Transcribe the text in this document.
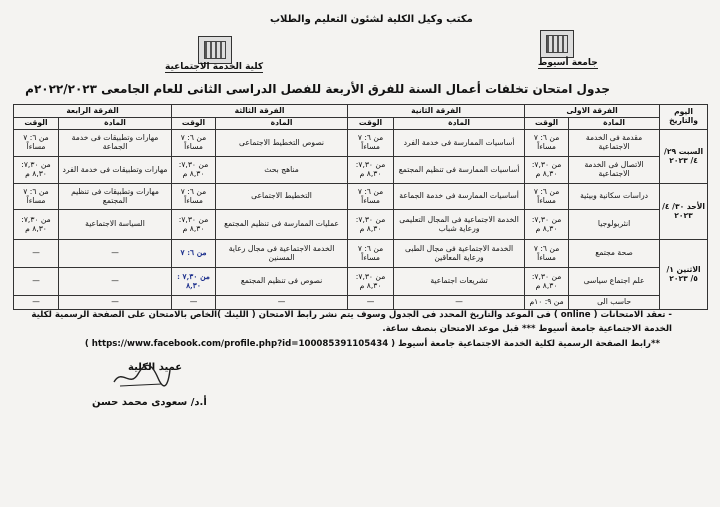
مكتب وكيل الكلية لشئون التعليم والطلاب
كلية الخدمة الاجتماعية	جامعة أسيوط
جدول امتحان تخلفات أعمال السنة للفرق الأربعة للفصل الدراسى الثانى للعام الجامعى ٢٠٢٢/٢٠٢٣م
اليوم والتاريخ	الفرقة الاولى		الفرقة الثانية		الفرقة الثالثة		الفرقة الرابعة	
	المادة	الوقت	المادة	الوقت	المادة	الوقت	المادة	الوقت
السبت ٢٩/ ٤/ ٢٠٢٣	مقدمة فى الخدمة الاجتماعية	من ٦: ٧ مساءاً	أساسيات الممارسة فى خدمة الفرد	من ٦: ٧ مساءاً	نصوص التخطيط الاجتماعى	من ٦: ٧ مساءاً	مهارات وتطبيقات فى خدمة الجماعة	من ٦: ٧ مساءاً
	الاتصال فى الخدمة الاجتماعية	من ٧,٣٠: ٨,٣٠ م	أساسيات الممارسة فى تنظيم المجتمع	من ٧,٣٠: ٨,٣٠ م	مناهج بحث	من ٧,٣٠: ٨,٣٠ م	مهارات وتطبيقات فى خدمة الفرد	من ٧,٣٠: ٨,٣٠ م
الأحد ٣٠/ ٤/ ٢٠٢٣	دراسات سكانية وبيئية	من ٦: ٧ مساءاً	أساسيات الممارسة فى خدمة الجماعة	من ٦: ٧ مساءاً	التخطيط الاجتماعى	من ٦: ٧ مساءاً	مهارات وتطبيقات فى تنظيم المجتمع	من ٦: ٧ مساءاً
	انثربولوجيا	من ٧,٣٠: ٨,٣٠ م	الخدمة الاجتماعية فى المجال التعليمى ورعاية شباب	من ٧,٣٠: ٨,٣٠ م	عمليات الممارسة فى تنظيم المجتمع	من ٧,٣٠: ٨,٣٠ م	السياسة الاجتماعية	من ٧,٣٠: ٨,٣٠ م
الاثنين ١/ ٥/ ٢٠٢٣	صحة مجتمع	من ٦: ٧ مساءاً	الخدمة الاجتماعية فى مجال الطبى ورعاية المعاقين	من ٦: ٧ مساءاً	الخدمة الاجتماعية فى مجال رعاية المسنين	من ٦: ٧	—	—
	علم اجتماع سياسى	من ٧,٣٠: ٨,٣٠ م	تشريعات اجتماعية	من ٧,٣٠: ٨,٣٠ م	نصوص فى تنظيم المجتمع	من ٧,٣٠ : ٨,٣٠	—	—
	حاسب الى	من ٩: ١٠م	—	—	—	—	—	—
- تعقد الامتحانات ( online ) فى الموعد والتاريخ المحدد فى الجدول وسوف يتم نشر رابط الامتحان ( اللينك )الخاص بالامتحان على الصفحة الرسمية لكلية
الخدمة الاجتماعية جامعة أسيوط *** قبل موعد الامتحان بنصف ساعة.
**رابط الصفحة الرسمية لكلية الخدمة الاجتماعية جامعة أسيوط ( https://www.facebook.com/profile.php?id=100085391105434 )
عميد الكلية
أ.د/ سعودى محمد حسن
